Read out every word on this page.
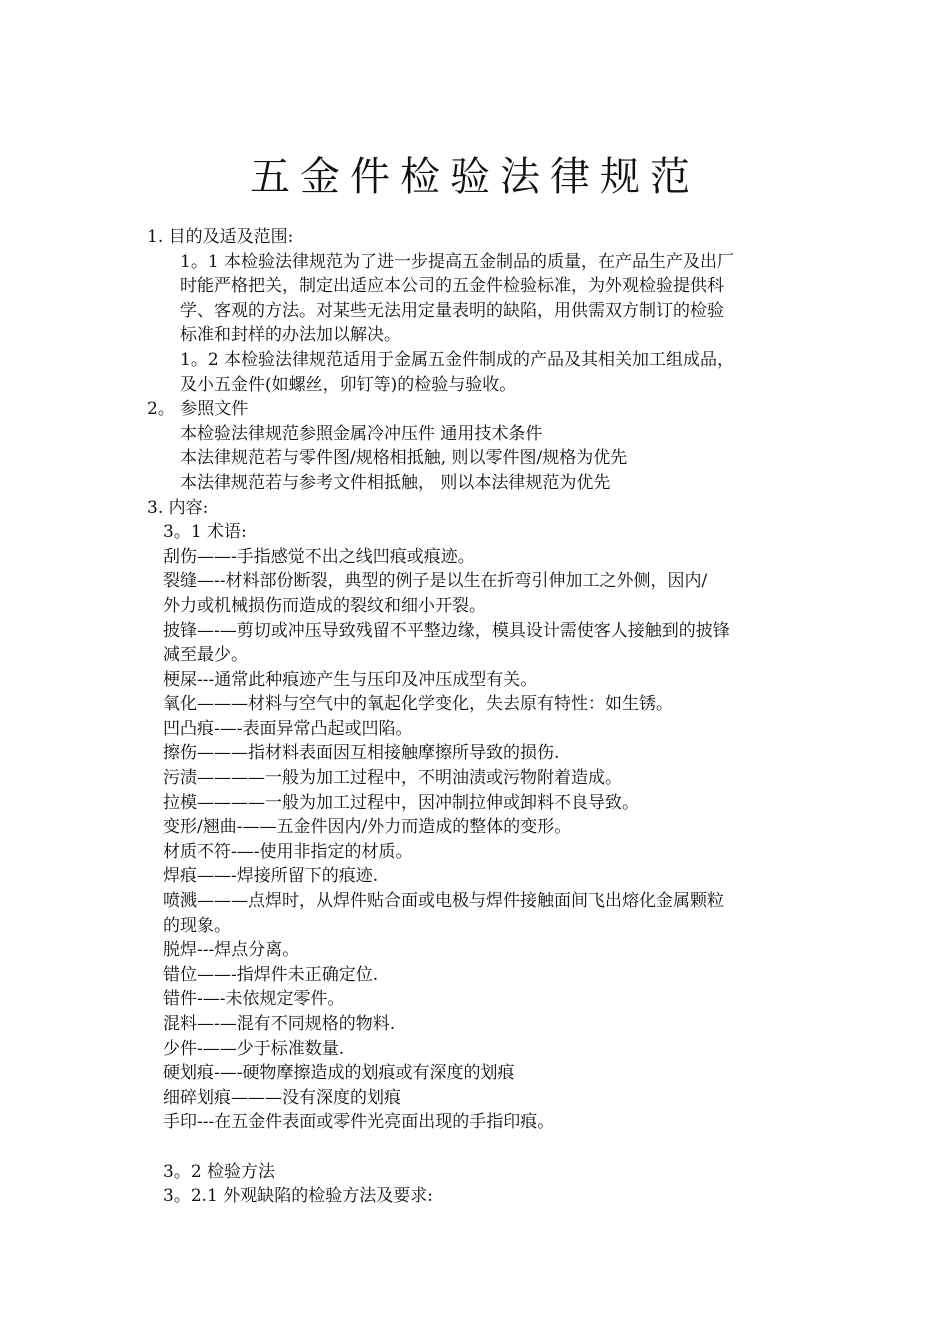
五金件检验法律规范
1. 目的及适及范围:
1。1 本检验法律规范为了进一步提高五金制品的质量，在产品生产及出厂
时能严格把关，制定出适应本公司的五金件检验标准，为外观检验提供科
学、客观的方法。对某些无法用定量表明的缺陷，用供需双方制订的检验
标准和封样的办法加以解决。
1。2 本检验法律规范适用于金属五金件制成的产品及其相关加工组成品，
及小五金件(如螺丝，卯钉等)的检验与验收。
2。 参照文件
本检验法律规范参照金属冷冲压件 通用技术条件
本法律规范若与零件图/规格相抵触, 则以零件图/规格为优先
本法律规范若与参考文件相抵触， 则以本法律规范为优先
3. 内容:
3。1 术语:
刮伤——-手指感觉不出之线凹痕或痕迹。
裂缝—--材料部份断裂，典型的例子是以生在折弯引伸加工之外侧，因内/
外力或机械损伤而造成的裂纹和细小开裂。
披锋—-—剪切或冲压导致残留不平整边缘，模具设计需使客人接触到的披锋
减至最少。
梗屎---通常此种痕迹产生与压印及冲压成型有关。
氧化———材料与空气中的氧起化学变化，失去原有特性：如生锈。
凹凸痕-—-表面异常凸起或凹陷。
擦伤———指材料表面因互相接触摩擦所导致的损伤.
污渍————一般为加工过程中，不明油渍或污物附着造成。
拉模————一般为加工过程中，因冲制拉伸或卸料不良导致。
变形/翘曲-——五金件因内/外力而造成的整体的变形。
材质不符-—-使用非指定的材质。
焊痕——-焊接所留下的痕迹.
喷溅———点焊时，从焊件贴合面或电极与焊件接触面间飞出熔化金属颗粒
的现象。
脱焊---焊点分离。
错位——-指焊件未正确定位.
错件-—-未依规定零件。
混料—-—混有不同规格的物料.
少件-——少于标准数量.
硬划痕-—-硬物摩擦造成的划痕或有深度的划痕
细碎划痕———没有深度的划痕
手印---在五金件表面或零件光亮面出现的手指印痕。
3。2 检验方法
3。2.1 外观缺陷的检验方法及要求:
